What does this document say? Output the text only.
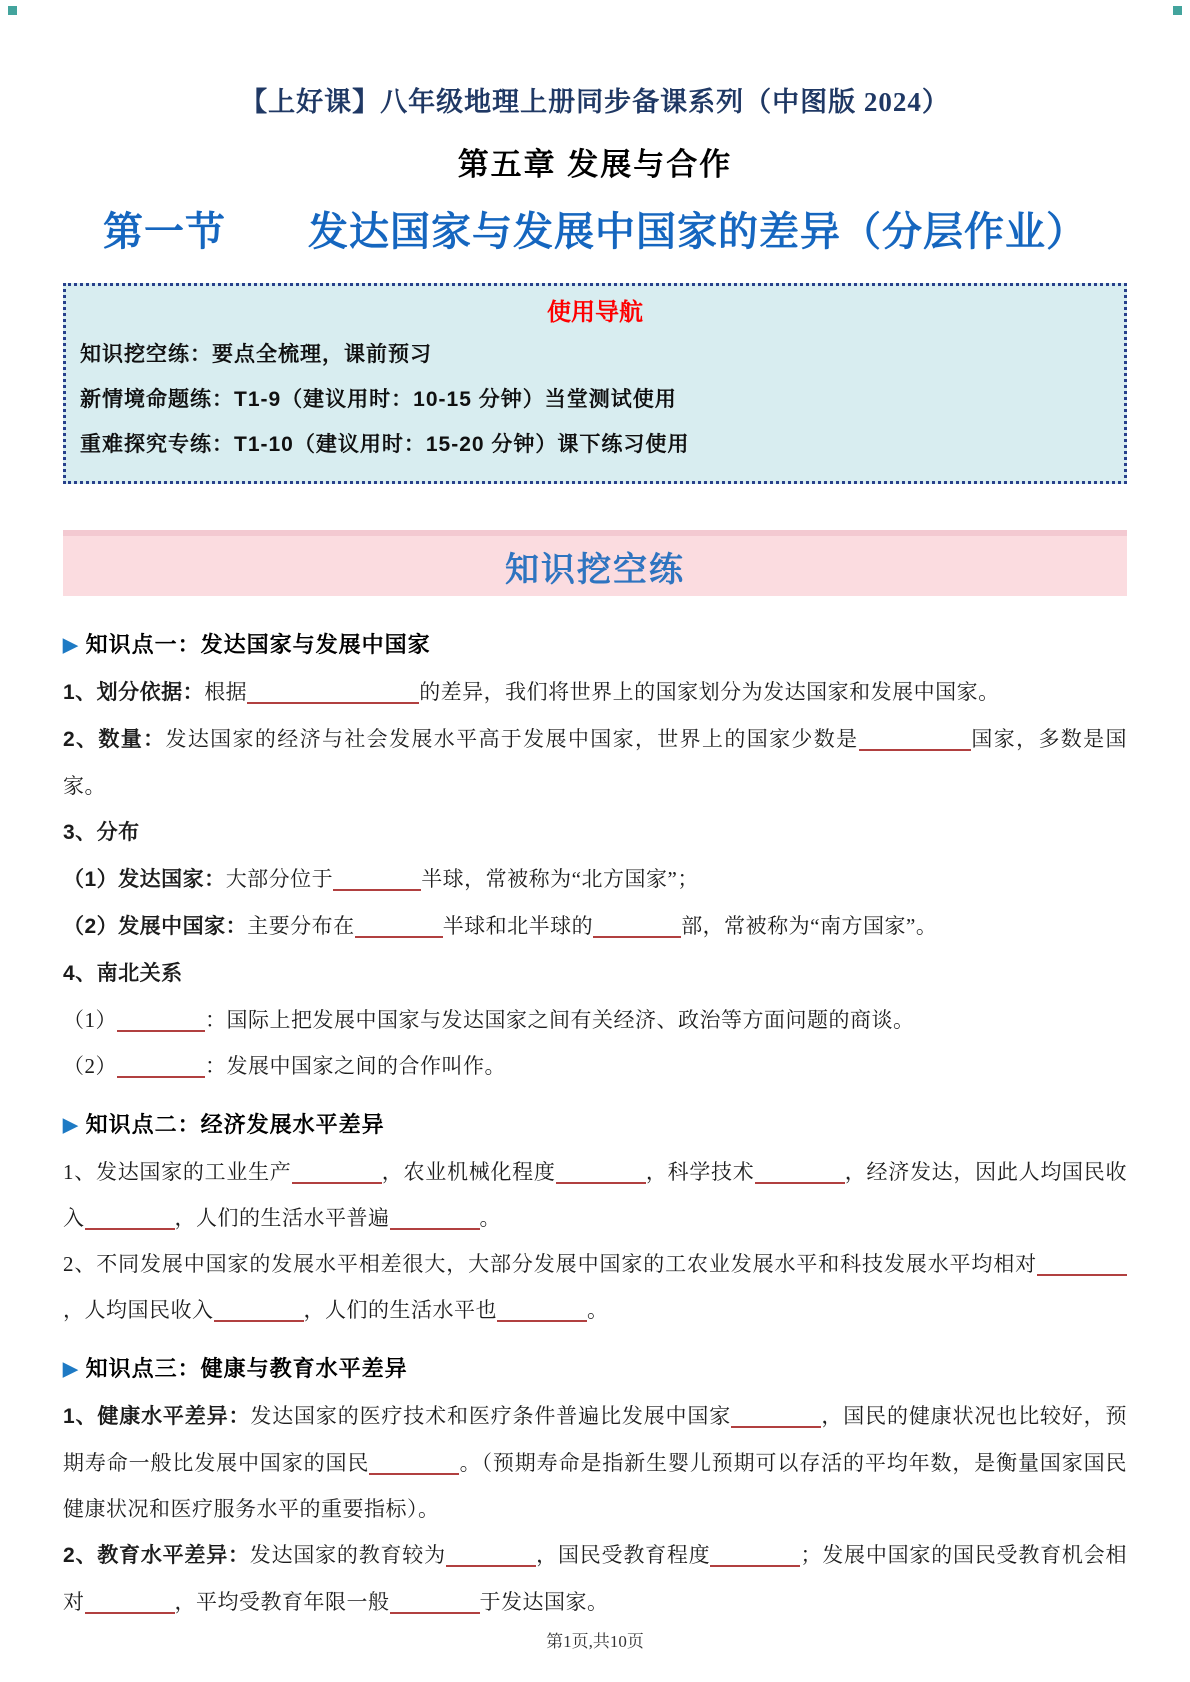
【上好课】八年级地理上册同步备课系列（中图版 2024）
第五章 发展与合作
第一节　　发达国家与发展中国家的差异（分层作业）
使用导航
知识挖空练：要点全梳理，课前预习
新情境命题练：T1-9（建议用时：10-15 分钟）当堂测试使用
重难探究专练：T1-10（建议用时：15-20 分钟）课下练习使用
知识挖空练
▶ 知识点一：发达国家与发展中国家
1、划分依据：根据	的差异，我们将世界上的国家划分为发达国家和发展中国家。
2、数量：发达国家的经济与社会发展水平高于发展中国家，世界上的国家少数是	国家，多数是国家。
3、分布
（1）发达国家：大部分位于	半球，常被称为“北方国家”；
（2）发展中国家：主要分布在	半球和北半球的	部，常被称为“南方国家”。
4、南北关系
（1）	：国际上把发展中国家与发达国家之间有关经济、政治等方面问题的商谈。
（2）	：发展中国家之间的合作叫作。
▶ 知识点二：经济发展水平差异
1、发达国家的工业生产	，农业机械化程度	，科学技术	，经济发达，因此人均国民收入	，人们的生活水平普遍	。
2、不同发展中国家的发展水平相差很大，大部分发展中国家的工农业发展水平和科技发展水平均相对，人均国民收入	，人们的生活水平也	。
▶ 知识点三：健康与教育水平差异
1、健康水平差异：发达国家的医疗技术和医疗条件普遍比发展中国家	，国民的健康状况也比较好，预期寿命一般比发展中国家的国民	。（预期寿命是指新生婴儿预期可以存活的平均年数，是衡量国家国民健康状况和医疗服务水平的重要指标）。
2、教育水平差异：发达国家的教育较为	，国民受教育程度	；发展中国家的国民受教育机会相对	，平均受教育年限一般	于发达国家。
第1页,共10页
